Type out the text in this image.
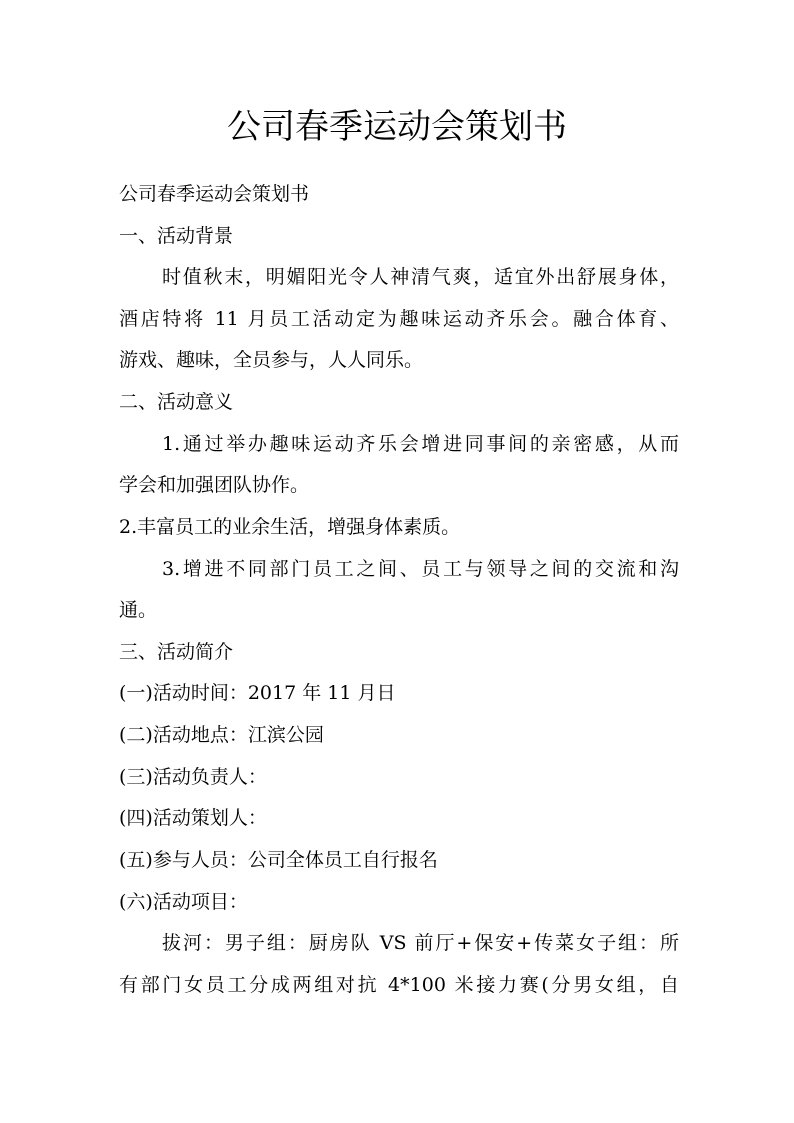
公司春季运动会策划书

公司春季运动会策划书

一、活动背景

时值秋末，明媚阳光令人神清气爽，适宜外出舒展身体，

酒店特将 11 月员工活动定为趣味运动齐乐会。融合体育、

游戏、趣味，全员参与，人人同乐。

二、活动意义

1.通过举办趣味运动齐乐会增进同事间的亲密感，从而

学会和加强团队协作。

2.丰富员工的业余生活，增强身体素质。

3.增进不同部门员工之间、员工与领导之间的交流和沟

通。

三、活动简介

(一)活动时间：2017 年 11 月日

(二)活动地点：江滨公园

(三)活动负责人：

(四)活动策划人：

(五)参与人员：公司全体员工自行报名

(六)活动项目：

拔河：男子组：厨房队 VS 前厅+保安+传菜女子组：所

有部门女员工分成两组对抗 4*100 米接力赛(分男女组，自
